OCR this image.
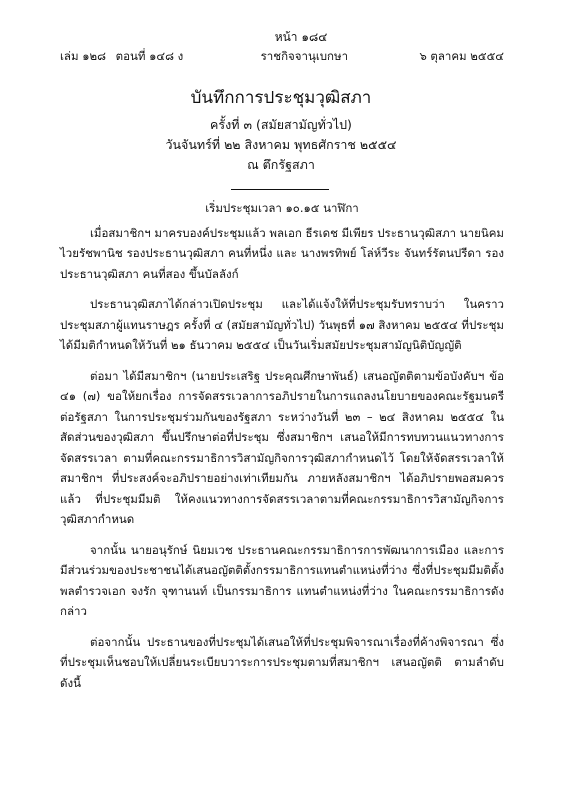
หน้า ๑๘๔
เล่ม ๑๒๘ ตอนที่ ๑๔๘ ง	ราชกิจจานุเบกษา	๖ ตุลาคม ๒๕๕๔
บันทึกการประชุมวุฒิสภา
ครั้งที่ ๓ (สมัยสามัญทั่วไป)
วันจันทร์ที่ ๒๒ สิงหาคม พุทธศักราช ๒๕๕๔
ณ ตึกรัฐสภา

เริ่มประชุมเวลา ๑๐.๑๕ นาฬิกา

เมื่อสมาชิกฯ มาครบองค์ประชุมแล้ว พลเอก ธีรเดช มีเพียร ประธานวุฒิสภา นายนิคม ไวยรัชพานิช รองประธานวุฒิสภา คนที่หนึ่ง และ นางพรทิพย์ โล่ห์วีระ จันทร์รัตนปรีดา รองประธานวุฒิสภา คนที่สอง ขึ้นบัลลังก์

ประธานวุฒิสภาได้กล่าวเปิดประชุม และได้แจ้งให้ที่ประชุมรับทราบว่า ในคราวประชุมสภาผู้แทนราษฎร ครั้งที่ ๔ (สมัยสามัญทั่วไป) วันพุธที่ ๑๗ สิงหาคม ๒๕๕๔ ที่ประชุมได้มีมติกำหนดให้วันที่ ๒๑ ธันวาคม ๒๕๕๔ เป็นวันเริ่มสมัยประชุมสามัญนิติบัญญัติ

ต่อมา ได้มีสมาชิกฯ (นายประเสริฐ ประคุณศึกษาพันธ์) เสนอญัตติตามข้อบังคับฯ ข้อ ๔๑ (๗) ขอให้ยกเรื่อง การจัดสรรเวลาการอภิปรายในการแถลงนโยบายของคณะรัฐมนตรีต่อรัฐสภา ในการประชุมร่วมกันของรัฐสภา ระหว่างวันที่ ๒๓ – ๒๔ สิงหาคม ๒๕๕๔ ในสัดส่วนของวุฒิสภา ขึ้นปรึกษาต่อที่ประชุม ซึ่งสมาชิกฯ เสนอให้มีการทบทวนแนวทางการจัดสรรเวลา ตามที่คณะกรรมาธิการวิสามัญกิจการวุฒิสภากำหนดไว้ โดยให้จัดสรรเวลาให้สมาชิกฯ ที่ประสงค์จะอภิปรายอย่างเท่าเทียมกัน ภายหลังสมาชิกฯ ได้อภิปรายพอสมควรแล้ว ที่ประชุมมีมติ ให้คงแนวทางการจัดสรรเวลาตามที่คณะกรรมาธิการวิสามัญกิจการวุฒิสภากำหนด

จากนั้น นายอนุรักษ์ นิยมเวช ประธานคณะกรรมาธิการการพัฒนาการเมือง และการมีส่วนร่วมของประชาชนได้เสนอญัตติตั้งกรรมาธิการแทนตำแหน่งที่ว่าง ซึ่งที่ประชุมมีมติตั้ง พลตำรวจเอก จงรัก จุฑานนท์ เป็นกรรมาธิการ แทนตำแหน่งที่ว่าง ในคณะกรรมาธิการดังกล่าว

ต่อจากนั้น ประธานของที่ประชุมได้เสนอให้ที่ประชุมพิจารณาเรื่องที่ค้างพิจารณา ซึ่งที่ประชุมเห็นชอบให้เปลี่ยนระเบียบวาระการประชุมตามที่สมาชิกฯ เสนอญัตติ ตามลำดับ ดังนี้
